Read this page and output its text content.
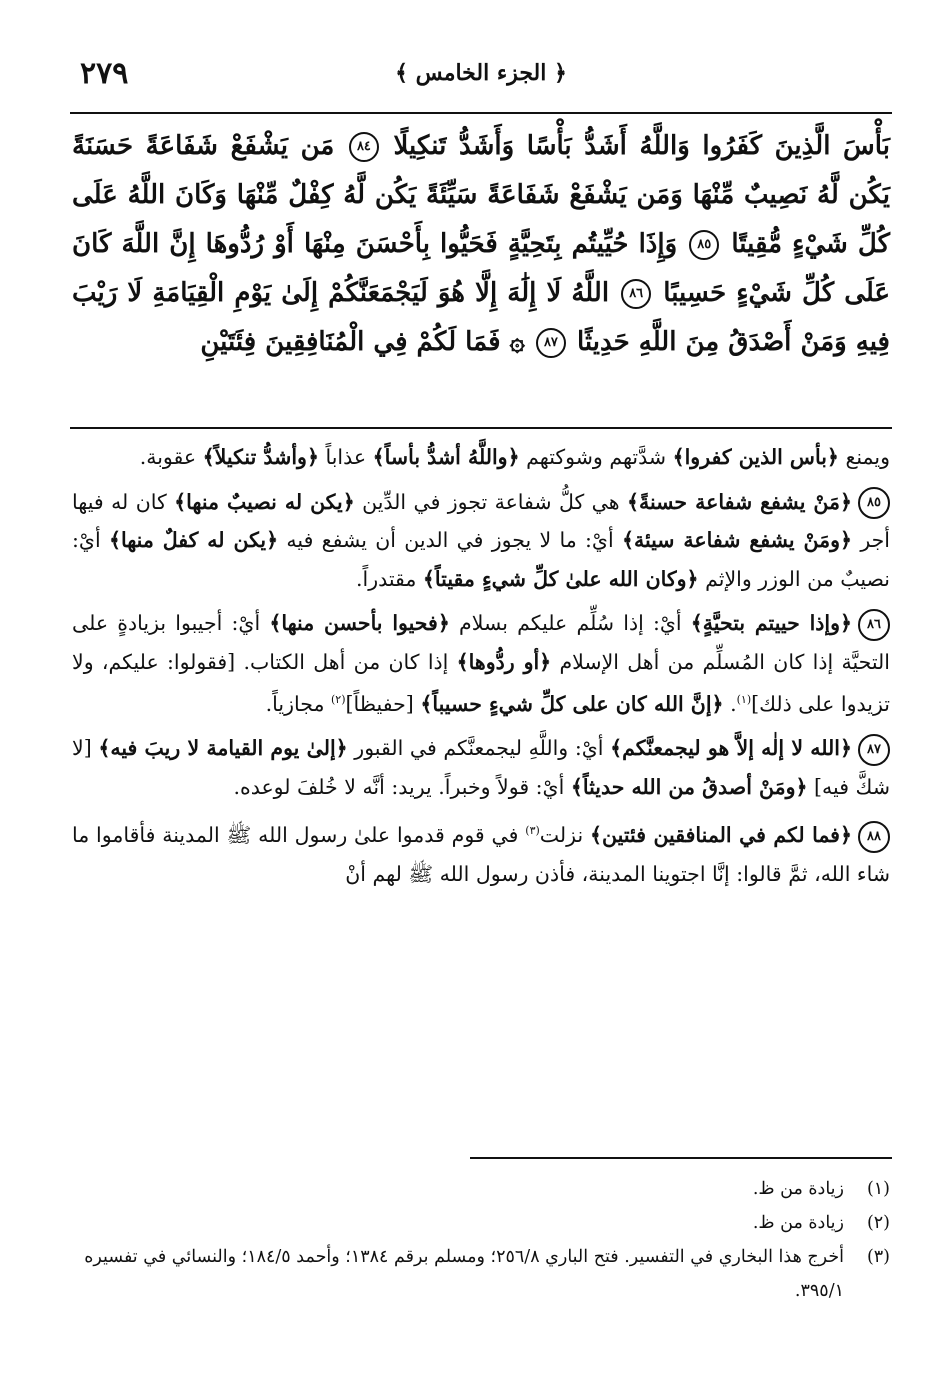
٢٧٩	﴿ الجزء الخامس ﴾
بَأْسَ الَّذِينَ كَفَرُوا وَاللَّهُ أَشَدُّ بَأْسًا وَأَشَدُّ تَنكِيلًا ٨٤ مَن يَشْفَعْ شَفَاعَةً حَسَنَةً يَكُن لَّهُ نَصِيبٌ مِّنْهَا وَمَن يَشْفَعْ شَفَاعَةً سَيِّئَةً يَكُن لَّهُ كِفْلٌ مِّنْهَا وَكَانَ اللَّهُ عَلَى كُلِّ شَيْءٍ مُّقِيتًا ٨٥ وَإِذَا حُيِّيتُم بِتَحِيَّةٍ فَحَيُّوا بِأَحْسَنَ مِنْهَا أَوْ رُدُّوهَا إِنَّ اللَّهَ كَانَ عَلَى كُلِّ شَيْءٍ حَسِيبًا ٨٦ اللَّهُ لَا إِلَٰهَ إِلَّا هُوَ لَيَجْمَعَنَّكُمْ إِلَىٰ يَوْمِ الْقِيَامَةِ لَا رَيْبَ فِيهِ وَمَنْ أَصْدَقُ مِنَ اللَّهِ حَدِيثًا ٨٧ ۞ فَمَا لَكُمْ فِي الْمُنَافِقِينَ فِئَتَيْنِ

ويمنع ﴿بأس الذين كفروا﴾ شدَّتهم وشوكتهم ﴿واللَّهُ أشدُّ بأساً﴾ عذاباً ﴿وأشدُّ تنكيلاً﴾ عقوبة.

٨٥﴿مَنْ يشفع شفاعة حسنةً﴾ هي كلُّ شفاعة تجوز في الدِّين ﴿يكن له نصيبٌ منها﴾ كان له فيها أجر ﴿ومَنْ يشفع شفاعة سيئة﴾ أيْ: ما لا يجوز في الدين أن يشفع فيه ﴿يكن له كفلٌ منها﴾ أيْ: نصيبٌ من الوزر والإثم ﴿وكان الله علىٰ كلِّ شيءٍ مقيتاً﴾ مقتدراً.

٨٦﴿وإذا حييتم بتحيَّةٍ﴾ أيْ: إذا سُلِّم عليكم بسلام ﴿فحيوا بأحسن منها﴾ أيْ: أجيبوا بزيادةٍ على التحيَّة إذا كان المُسلِّم من أهل الإسلام ﴿أو ردُّوها﴾ إذا كان من أهل الكتاب. [فقولوا: عليكم، ولا تزيدوا على ذلك]$^{(١)}$. ﴿إنَّ الله كان على كلِّ شيءٍ حسيباً﴾ [حفيظاً]$^{(٢)}$ مجازياً.

٨٧﴿الله لا إلٰه إلاَّ هو ليجمعنَّكم﴾ أيْ: واللَّهِ ليجمعنَّكم في القبور ﴿إلىٰ يوم القيامة لا ريبَ فيه﴾ [لا شكَّ فيه] ﴿ومَنْ أصدقُ من الله حديثاً﴾ أيْ: قولاً وخبراً. يريد: أنَّه لا خُلفَ لوعده.

٨٨﴿فما لكم في المنافقين فئتين﴾ نزلت$^{(٣)}$ في قوم قدموا علىٰ رسول الله ﷺ المدينة فأقاموا ما شاء الله، ثمَّ قالوا: إنَّا اجتوينا المدينة، فأذن رسول الله ﷺ لهم أنْ

(١)
زيادة من ظ.
(٢)
زيادة من ظ.
(٣)
أخرج هذا البخاري في التفسير. فتح الباري ٢٥٦/٨؛ ومسلم برقم ١٣٨٤؛ وأحمد ١٨٤/٥؛ والنسائي في تفسيره ٣٩٥/١.
